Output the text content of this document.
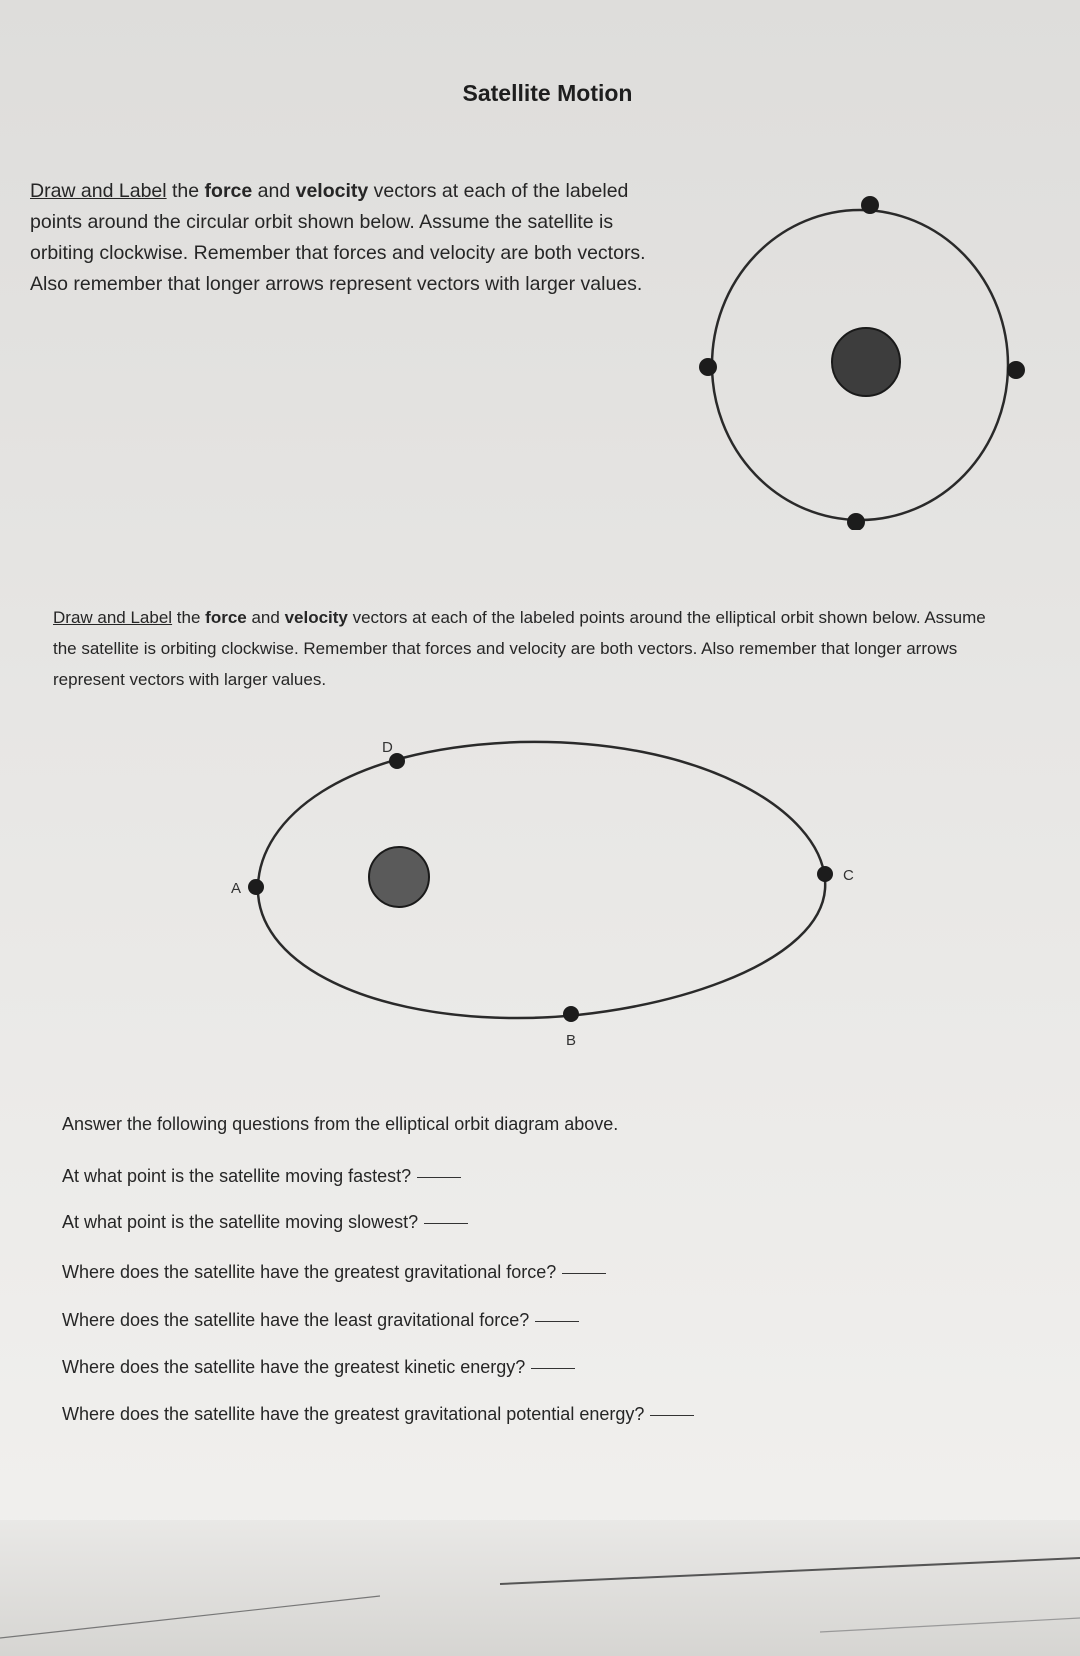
Satellite Motion
Draw and Label the force and velocity vectors at each of the labeled points around the circular orbit shown below. Assume the satellite is orbiting clockwise. Remember that forces and velocity are both vectors. Also remember that longer arrows represent vectors with larger values.
Draw and Label the force and velocity vectors at each of the labeled points around the elliptical orbit shown below. Assume the satellite is orbiting clockwise. Remember that forces and velocity are both vectors. Also remember that longer arrows represent vectors with larger values.
A
B
C
D
Answer the following questions from the elliptical orbit diagram above.
At what point is the satellite moving fastest?
At what point is the satellite moving slowest?
Where does the satellite have the greatest gravitational force?
Where does the satellite have the least gravitational force?
Where does the satellite have the greatest kinetic energy?
Where does the satellite have the greatest gravitational potential energy?
